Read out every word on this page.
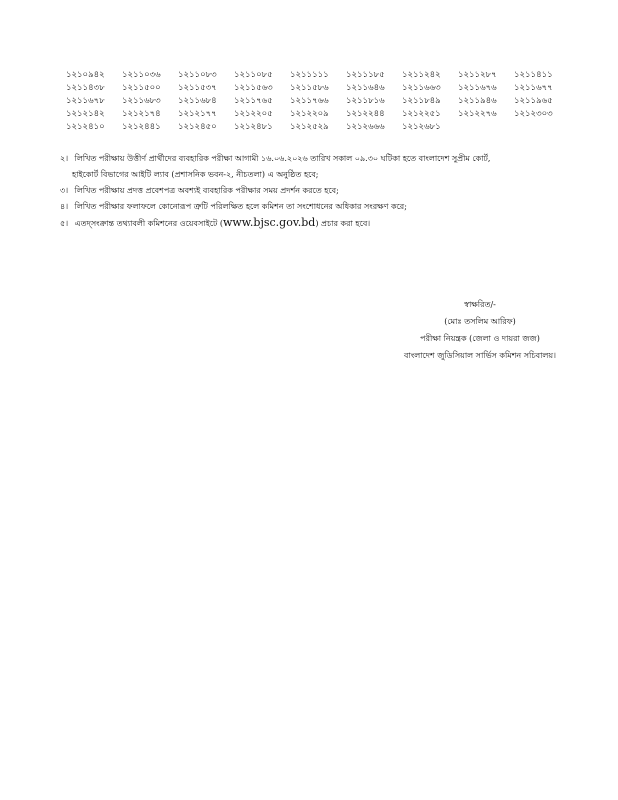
১২১০৯৪২	১২১১০৩৬	১২১১০৮৩	১২১১০৮৫	১২১১১১১	১২১১১৮৫	১২১১২৪২	১২১১২৮৭	১২১১৪১১
১২১১৪৩৮	১২১১৫০০	১২১১৫৩৭	১২১১৫৬৩	১২১১৫৮৬	১২১১৬৪৬	১২১১৬৬৩	১২১১৬৭৬	১২১১৬৭৭
১২১১৬৭৮	১২১১৬৮৩	১২১১৬৮৪	১২১১৭৬৫	১২১১৭৬৬	১২১১৮১৬	১২১১৮৪৯	১২১১৯৪৬	১২১১৯৬৫
১২১২১৪২	১২১২১৭৪	১২১২১৭৭	১২১২২০৫	১২১২২০৯	১২১২২৪৪	১২১২২৫১	১২১২২৭৬	১২১২৩০৩
১২১২৪১০	১২১২৪৪১	১২১২৪৫০	১২১২৪৮১	১২১২৫২৯	১২১২৬৬৬	১২১২৬৮১		

২। লিখিত পরীক্ষায় উত্তীর্ণ প্রার্থীদের ব্যবহারিক পরীক্ষা আগামী ১৬.০৬.২০২৬ তারিখ সকাল ০৯.৩০ ঘটিকা হতে বাংলাদেশ সুপ্রীম কোর্ট,
হাইকোর্ট বিভাগের আইটি ল্যাব (প্রশাসনিক ভবন-২, নীচতলা) এ অনুষ্ঠিত হবে;

৩। লিখিত পরীক্ষায় প্রদত্ত প্রবেশপত্র অবশ্যই ব্যবহারিক পরীক্ষার সময় প্রদর্শন করতে হবে;

৪। লিখিত পরীক্ষার ফলাফলে কোনোরূপ ত্রুটি পরিলক্ষিত হলে কমিশন তা সংশোধনের অধিকার সংরক্ষণ করে;

৫। এতদ্‌সংক্রান্ত তথ্যাবলী কমিশনের ওয়েবসাইটে (www.bjsc.gov.bd) প্রচার করা হবে।

স্বাক্ষরিত/-
(মোঃ তসলিম আরিফ)
পরীক্ষা নিয়ন্ত্রক (জেলা ও দায়রা জজ)
বাংলাদেশ জুডিসিয়াল সার্ভিস কমিশন সচিবালয়।
